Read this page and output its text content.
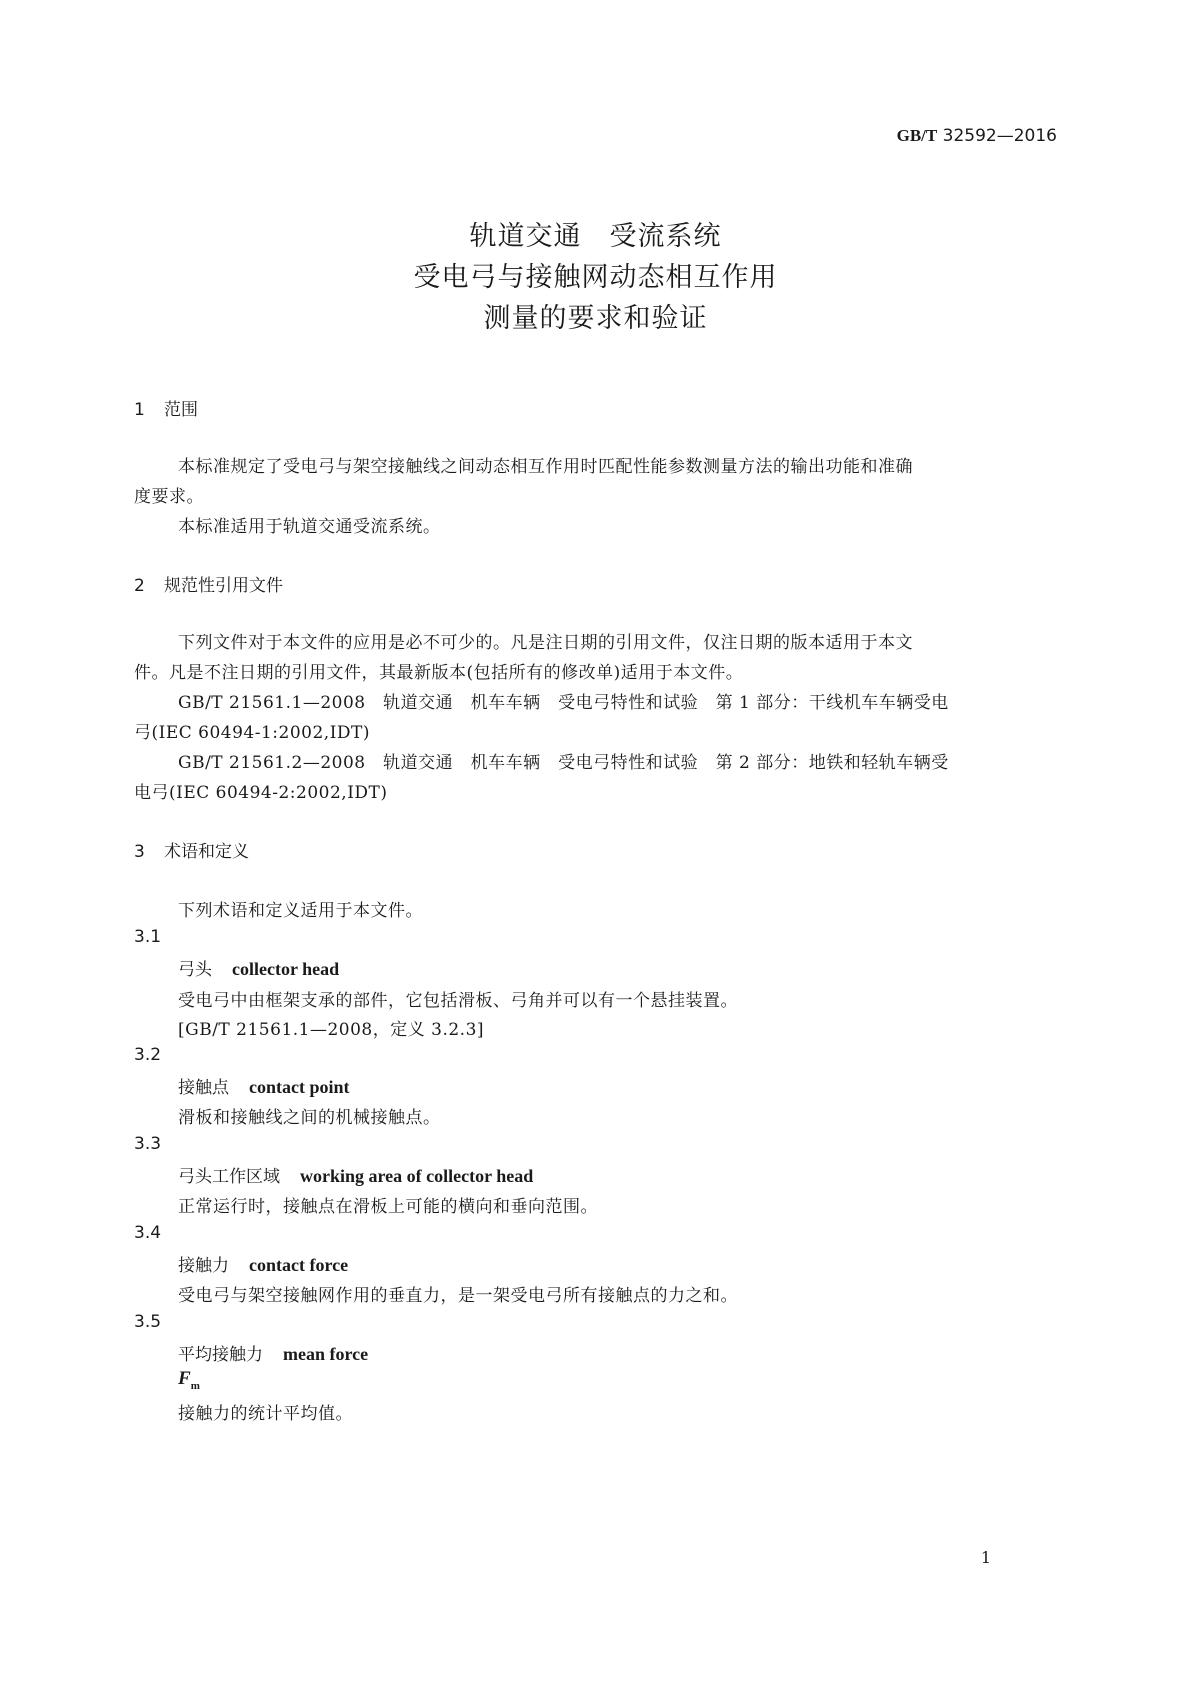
GB/T 32592—2016
轨道交通　受流系统
受电弓与接触网动态相互作用
测量的要求和验证
1 范围
本标准规定了受电弓与架空接触线之间动态相互作用时匹配性能参数测量方法的输出功能和准确
度要求。
本标准适用于轨道交通受流系统。
2 规范性引用文件
下列文件对于本文件的应用是必不可少的。凡是注日期的引用文件，仅注日期的版本适用于本文
件。凡是不注日期的引用文件，其最新版本(包括所有的修改单)适用于本文件。
GB/T 21561.1—2008　轨道交通　机车车辆　受电弓特性和试验　第 1 部分：干线机车车辆受电
弓(IEC 60494-1:2002,IDT)
GB/T 21561.2—2008　轨道交通　机车车辆　受电弓特性和试验　第 2 部分：地铁和轻轨车辆受
电弓(IEC 60494-2:2002,IDT)
3 术语和定义
下列术语和定义适用于本文件。
3.1
弓头 collector head
受电弓中由框架支承的部件，它包括滑板、弓角并可以有一个悬挂装置。
[GB/T 21561.1—2008，定义 3.2.3]
3.2
接触点 contact point
滑板和接触线之间的机械接触点。
3.3
弓头工作区域 working area of collector head
正常运行时，接触点在滑板上可能的横向和垂向范围。
3.4
接触力 contact force
受电弓与架空接触网作用的垂直力，是一架受电弓所有接触点的力之和。
3.5
平均接触力 mean force
$F_m$
接触力的统计平均值。
1
